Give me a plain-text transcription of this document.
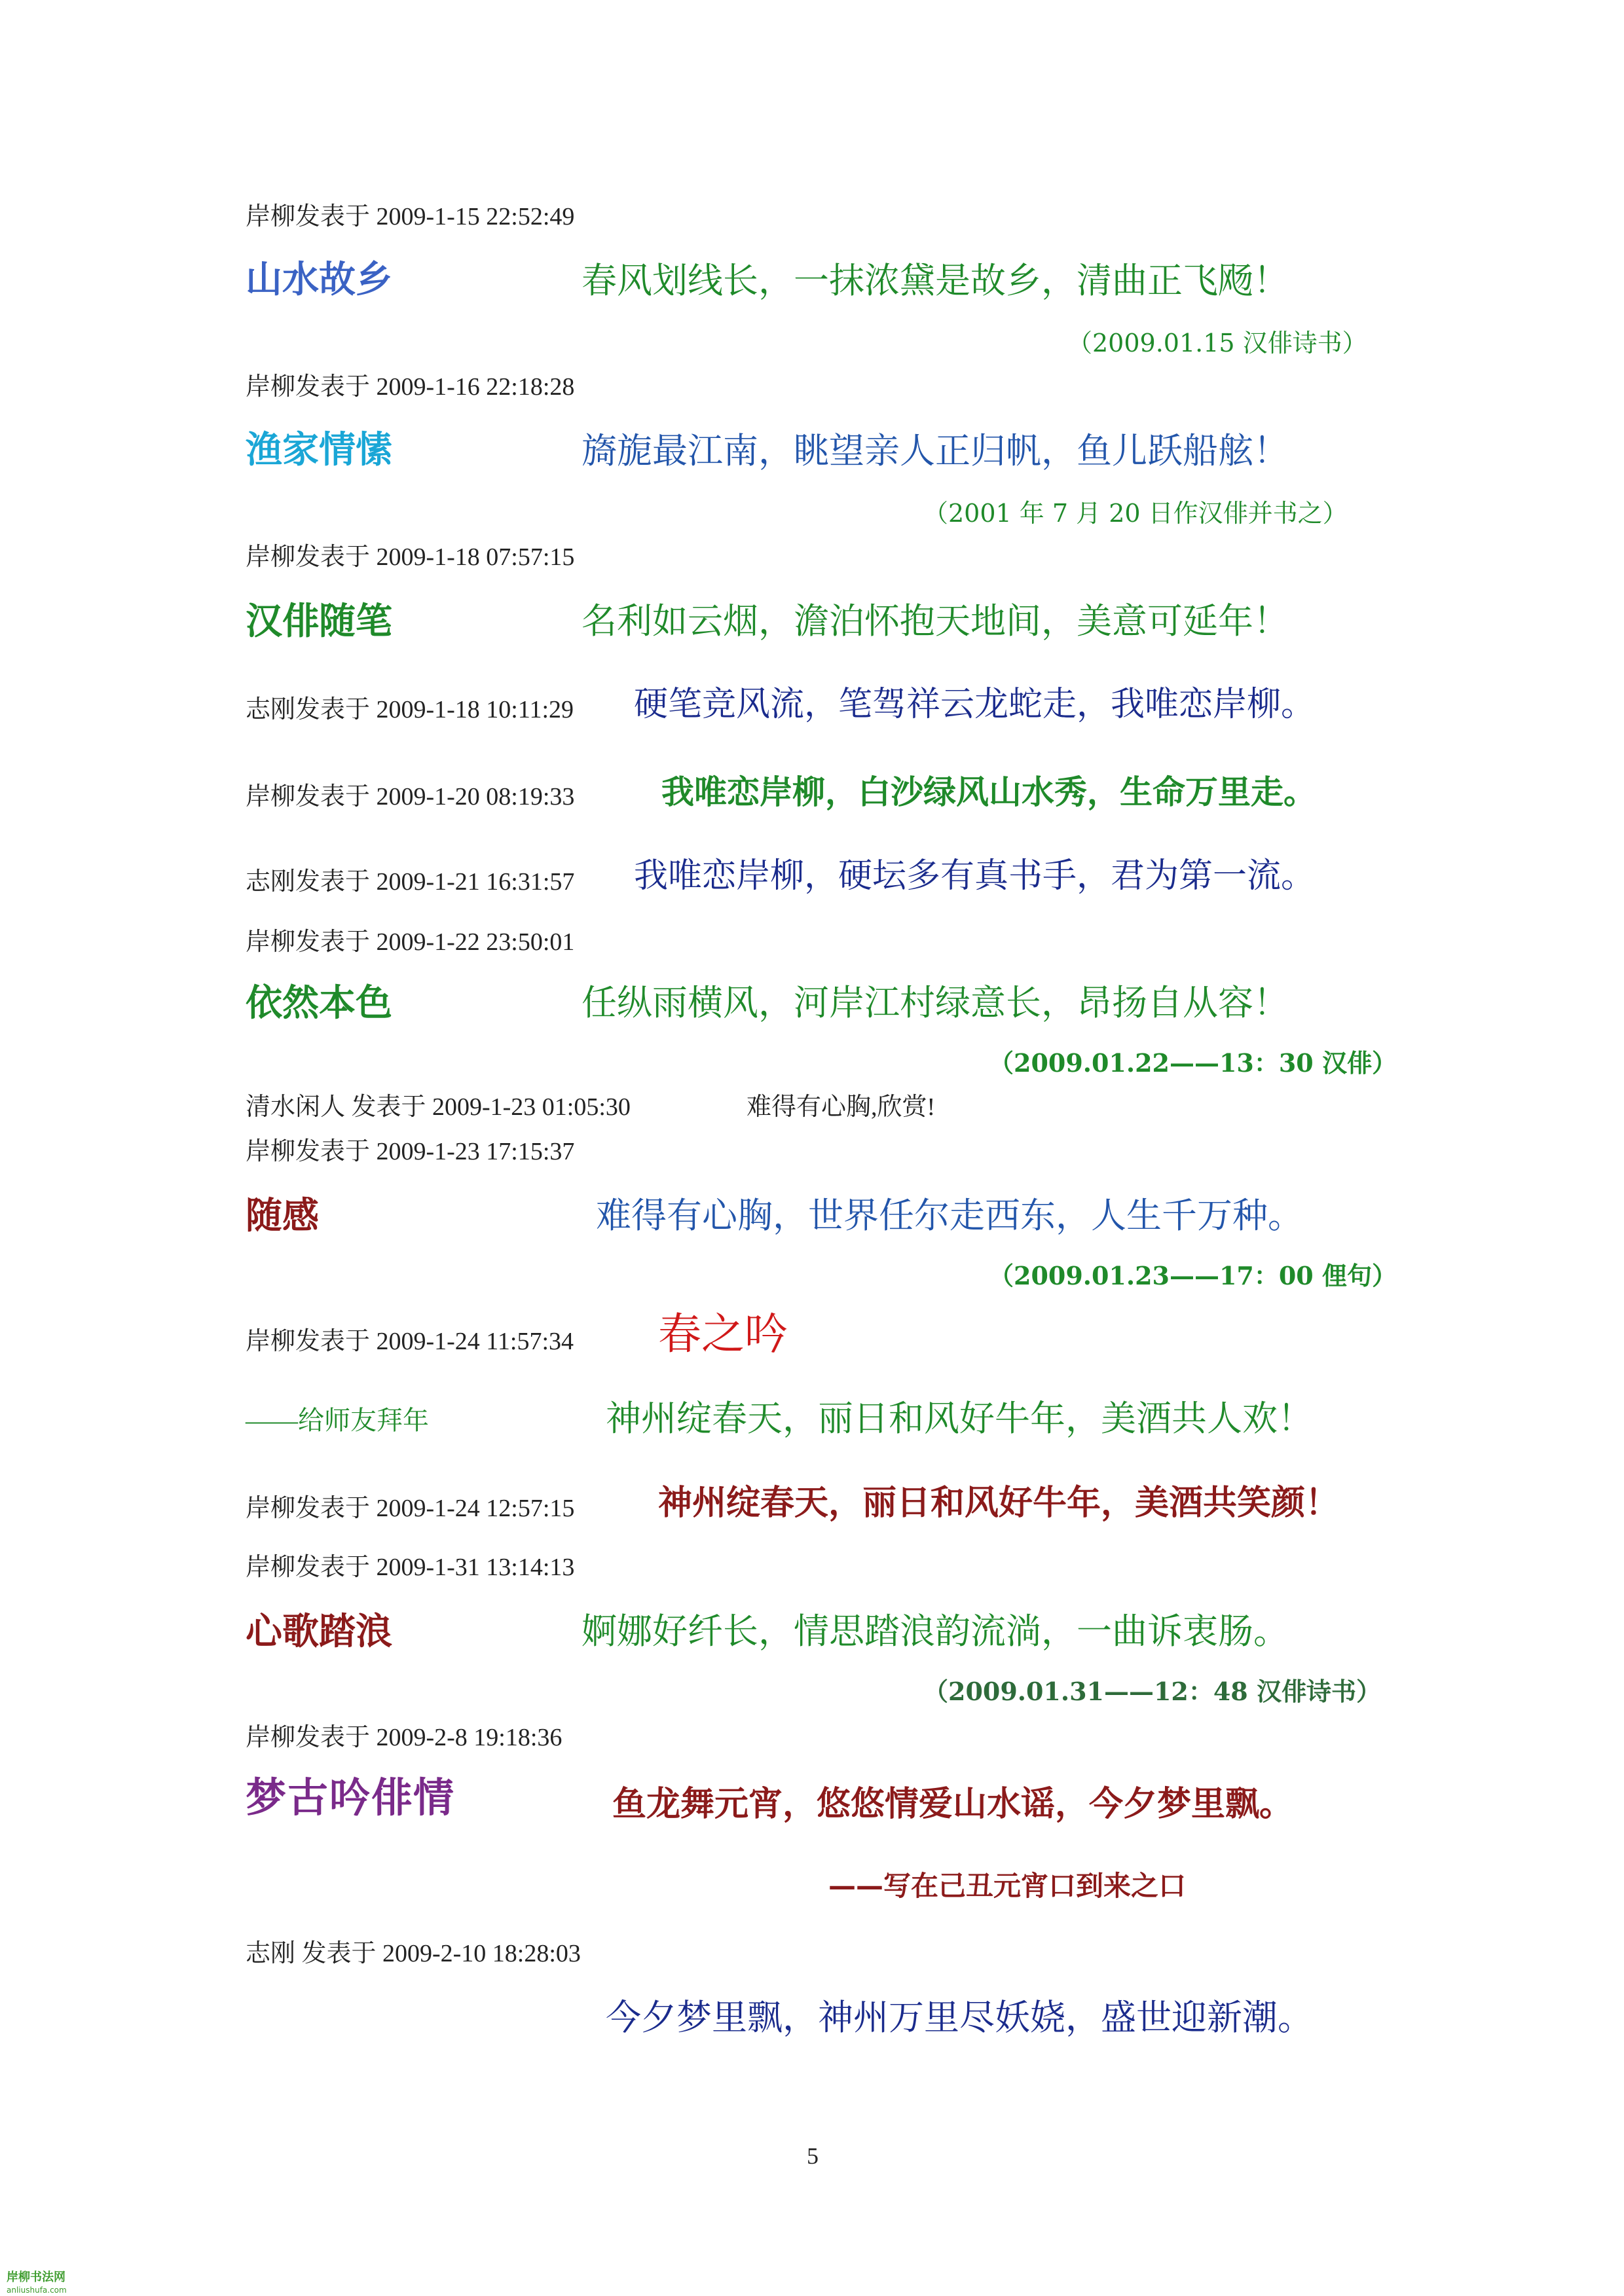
岸柳发表于 2009-1-15 22:52:49
山水故乡	春风划线长，一抹浓黛是故乡，清曲正飞飏！
（2009.01.15 汉俳诗书）
岸柳发表于 2009-1-16 22:18:28
渔家情愫	旖旎最江南，眺望亲人正归帆，鱼儿跃船舷！
（2001 年 7 月 20 日作汉俳并书之）
岸柳发表于 2009-1-18 07:57:15
汉俳随笔	名利如云烟，澹泊怀抱天地间，美意可延年！
志刚发表于 2009-1-18 10:11:29 硬笔竞风流，笔驾祥云龙蛇走，我唯恋岸柳。
岸柳发表于 2009-1-20 08:19:33	我唯恋岸柳，白沙绿风山水秀，生命万里走。
志刚发表于 2009-1-21 16:31:57 我唯恋岸柳，硬坛多有真书手，君为第一流。
岸柳发表于 2009-1-22 23:50:01
依然本色	任纵雨横风，河岸江村绿意长，昂扬自从容！
（2009.01.22——13：30 汉俳）
清水闲人 发表于 2009-1-23 01:05:30	难得有心胸,欣赏!
岸柳发表于 2009-1-23 17:15:37
随感	难得有心胸，世界任尔走西东，人生千万种。
（2009.01.23——17：00 俚句）
岸柳发表于 2009-1-24 11:57:34 春之吟
——给师友拜年	神州绽春天，丽日和风好牛年，美酒共人欢！
岸柳发表于 2009-1-24 12:57:15 神州绽春天，丽日和风好牛年，美酒共笑颜！
岸柳发表于 2009-1-31 13:14:13
心歌踏浪	婀娜好纤长，情思踏浪韵流淌，一曲诉衷肠。
（2009.01.31——12：48 汉俳诗书）
岸柳发表于 2009-2-8 19:18:36
梦古吟俳情	鱼龙舞元宵，悠悠情爱山水谣，今夕梦里飘。
——写在己丑元宵口到来之口
志刚 发表于 2009-2-10 18:28:03
今夕梦里飘，神州万里尽妖娆，盛世迎新潮。
5
岸柳书法网
anliushufa.com
